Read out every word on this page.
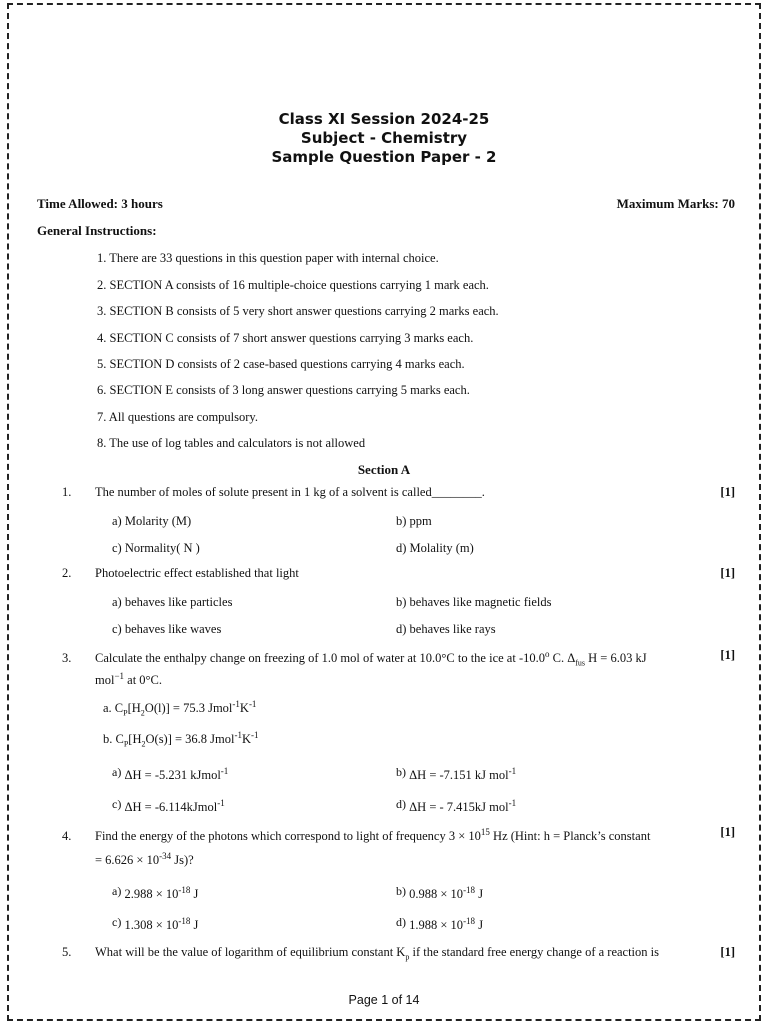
Class XI Session 2024-25
Subject - Chemistry
Sample Question Paper - 2
Time Allowed: 3 hours	Maximum Marks: 70
General Instructions:
1. There are 33 questions in this question paper with internal choice.
2. SECTION A consists of 16 multiple-choice questions carrying 1 mark each.
3. SECTION B consists of 5 very short answer questions carrying 2 marks each.
4. SECTION C consists of 7 short answer questions carrying 3 marks each.
5. SECTION D consists of 2 case-based questions carrying 4 marks each.
6. SECTION E consists of 3 long answer questions carrying 5 marks each.
7. All questions are compulsory.
8. The use of log tables and calculators is not allowed
Section A
1. The number of moles of solute present in 1 kg of a solvent is called________.	[1]
a) Molarity (M)	b) ppm
c) Normality( N )	d) Molality (m)
2. Photoelectric effect established that light	[1]
a) behaves like particles	b) behaves like magnetic fields
c) behaves like waves	d) behaves like rays
3. Calculate the enthalpy change on freezing of 1.0 mol of water at 10.0°C to the ice at -10.0$^o$ C. $\Delta_{fus}$ H = 6.03 kJ	[1]
mol$^{-1}$ at 0°C.
a. $C_P[H_2O(l)] = 75.3$ $Jmol^{-1}K^{-1}$
b. $C_P[H_2O(s)] = 36.8$ $Jmol^{-1}K^{-1}$
a) ΔH = -5.231 kJmol$^{-1}$	b) ΔH = -7.151 kJ mol$^{-1}$
c) ΔH = -6.114kJmol$^{-1}$	d) ΔH = - 7.415kJ mol$^{-1}$
4. Find the energy of the photons which correspond to light of frequency $3 \times 10^{15}$ Hz (Hint: h = Planck’s constant	[1]
= $6.626 \times 10^{-34}$ Js)?
a) $2.988 \times 10^{-18}$ J	b) $0.988 \times 10^{-18}$ J
c) $1.308 \times 10^{-18}$ J	d) $1.988 \times 10^{-18}$ J
5. What will be the value of logarithm of equilibrium constant $K_p$ if the standard free energy change of a reaction is	[1]
Page 1 of 14
